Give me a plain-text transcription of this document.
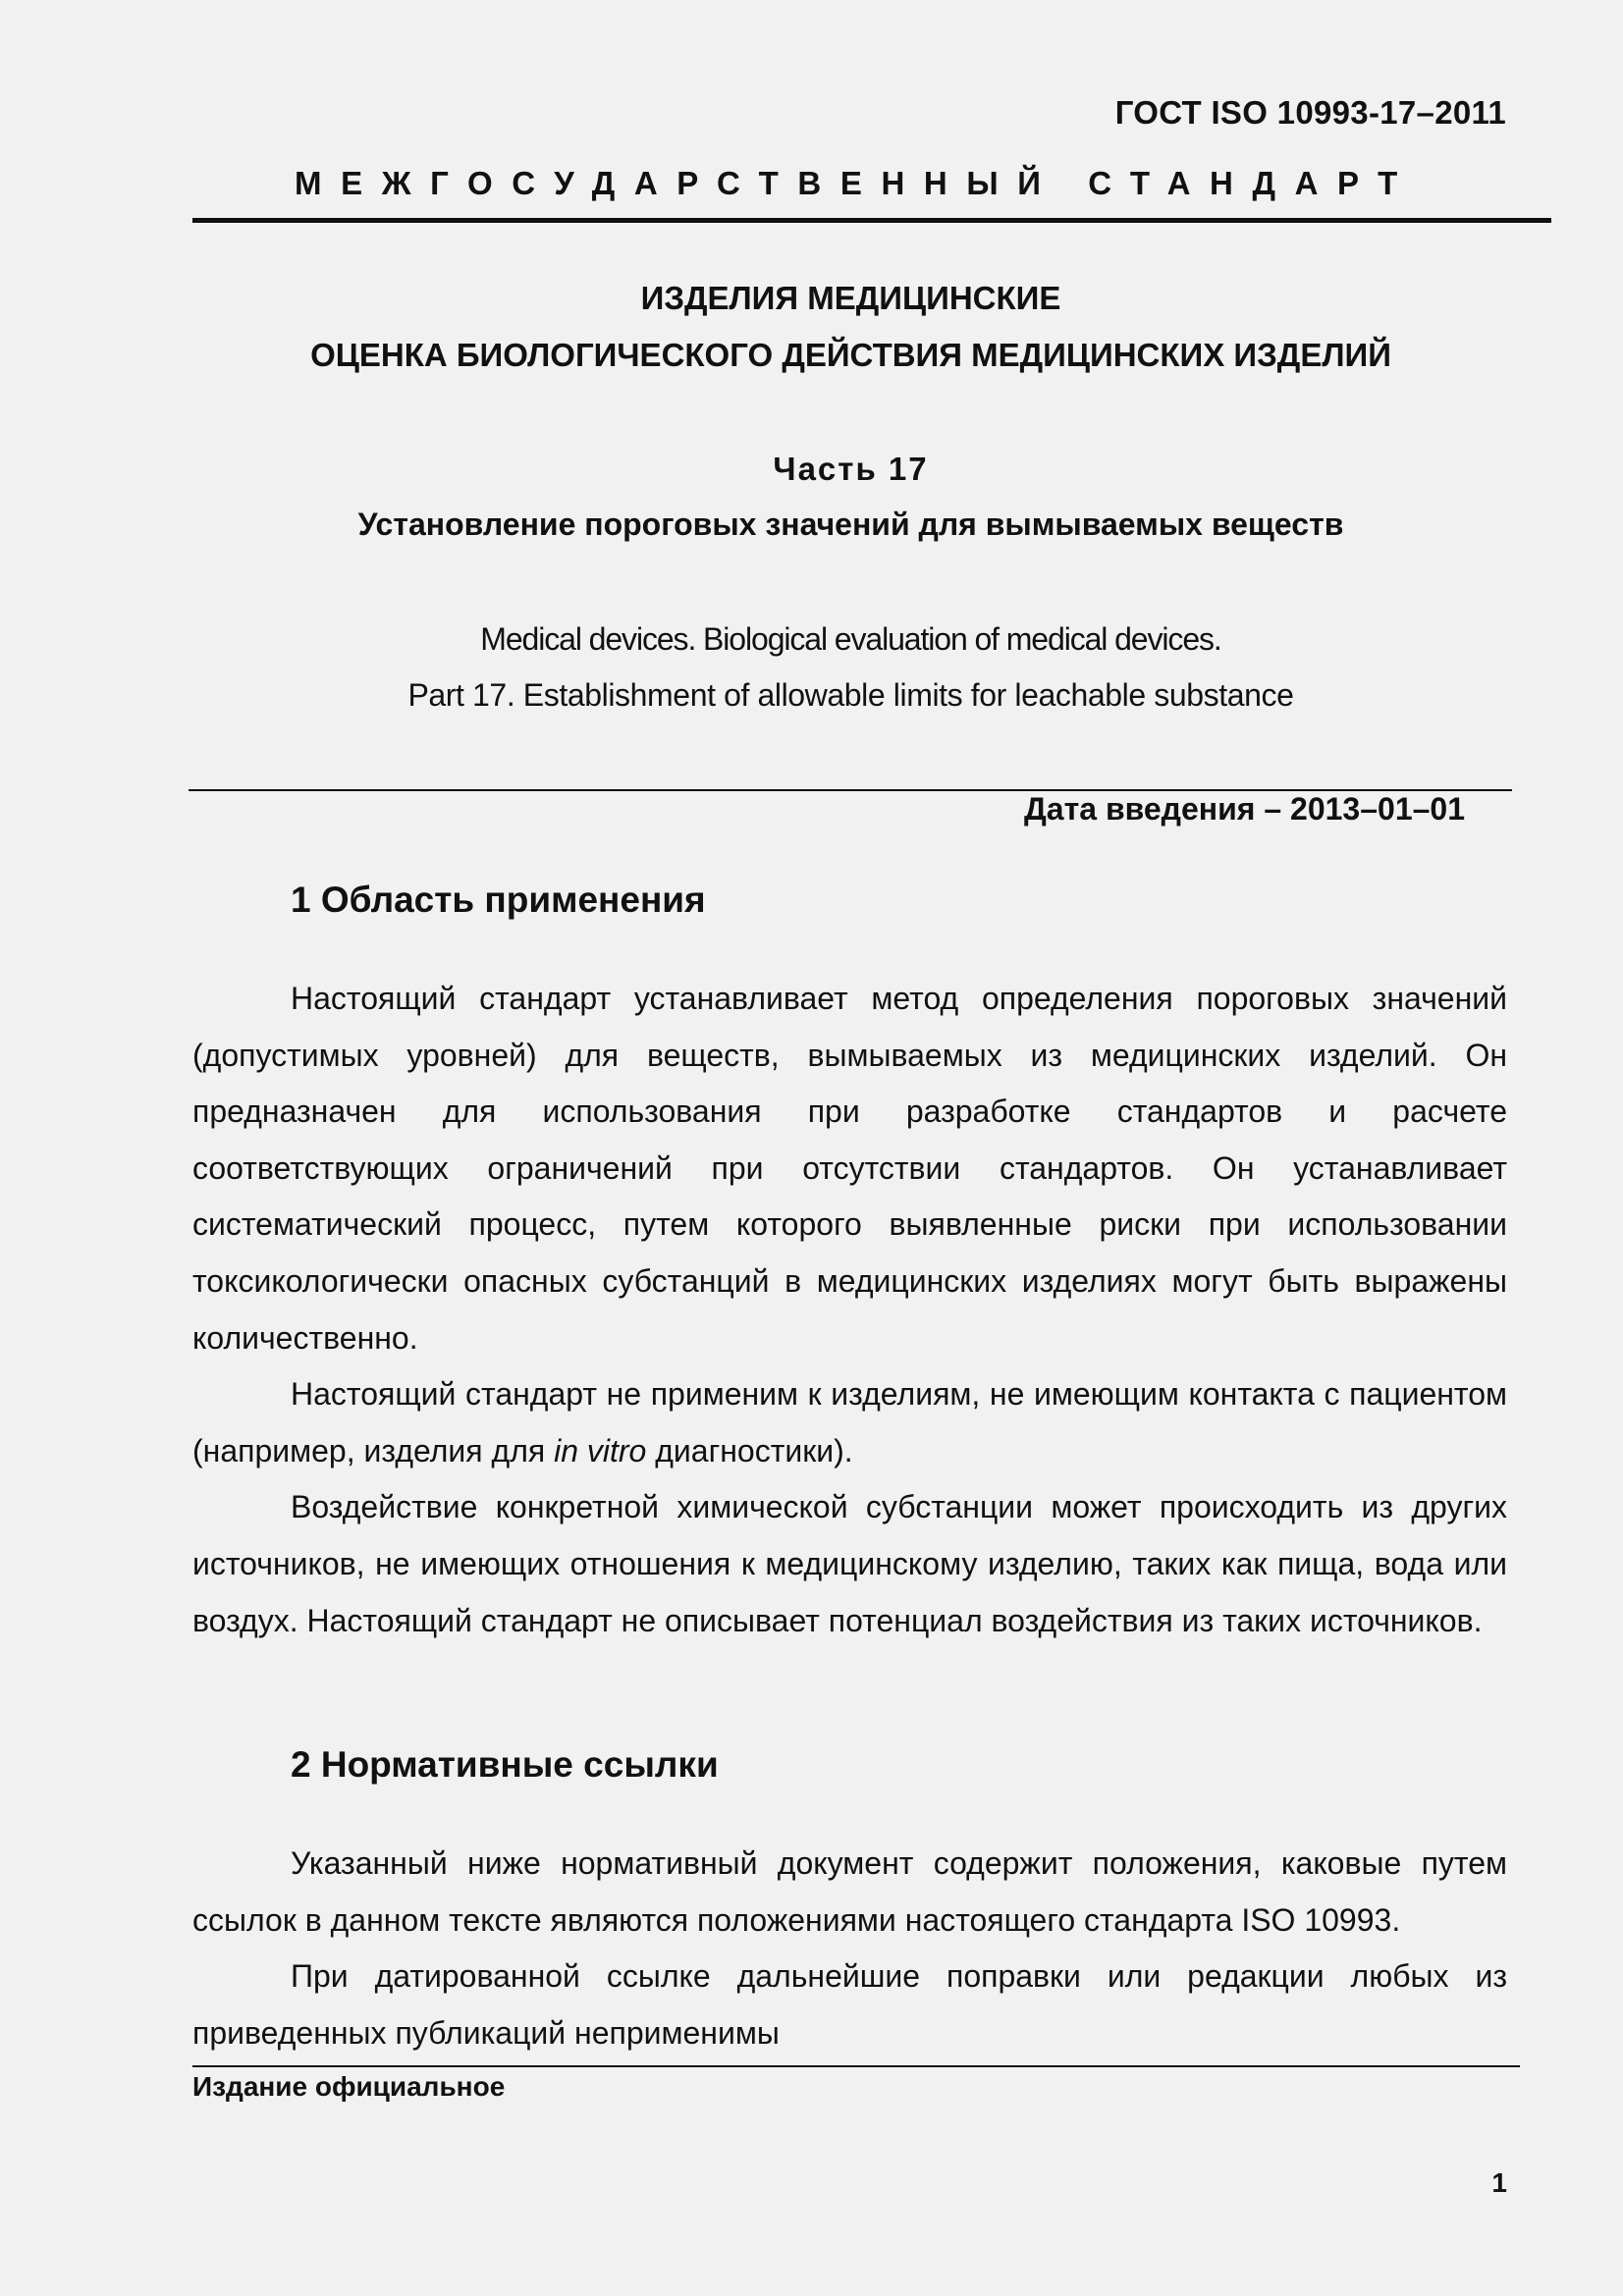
ГОСТ ISO 10993-17–2011
МЕЖГОСУДАРСТВЕННЫЙ СТАНДАРТ
ИЗДЕЛИЯ МЕДИЦИНСКИЕ
ОЦЕНКА БИОЛОГИЧЕСКОГО ДЕЙСТВИЯ МЕДИЦИНСКИХ ИЗДЕЛИЙ
Часть 17
Установление пороговых значений для вымываемых веществ
Medical devices. Biological evaluation of medical devices.
Part 17. Establishment of allowable limits for leachable substance
Дата введения – 2013–01–01
1 Область применения

Настоящий стандарт устанавливает метод определения пороговых значений (допустимых уровней) для веществ, вымываемых из медицинских изделий. Он предназначен для использования при разработке стандартов и расчете соответствующих ограничений при отсутствии стандартов. Он устанавливает систематический процесс, путем которого выявленные риски при использовании токсикологически опасных субстанций в медицинских изделиях могут быть выражены количественно.

Настоящий стандарт не применим к изделиям, не имеющим контакта с пациентом (например, изделия для in vitro диагностики).

Воздействие конкретной химической субстанции может происходить из других источников, не имеющих отношения к медицинскому изделию, таких как пища, вода или воздух. Настоящий стандарт не описывает потенциал воздействия из таких источников.

2 Нормативные ссылки

Указанный ниже нормативный документ содержит положения, каковые путем ссылок в данном тексте являются положениями настоящего стандарта ISO 10993.

При датированной ссылке дальнейшие поправки или редакции любых из приведенных публикаций неприменимы

Издание официальное
1
